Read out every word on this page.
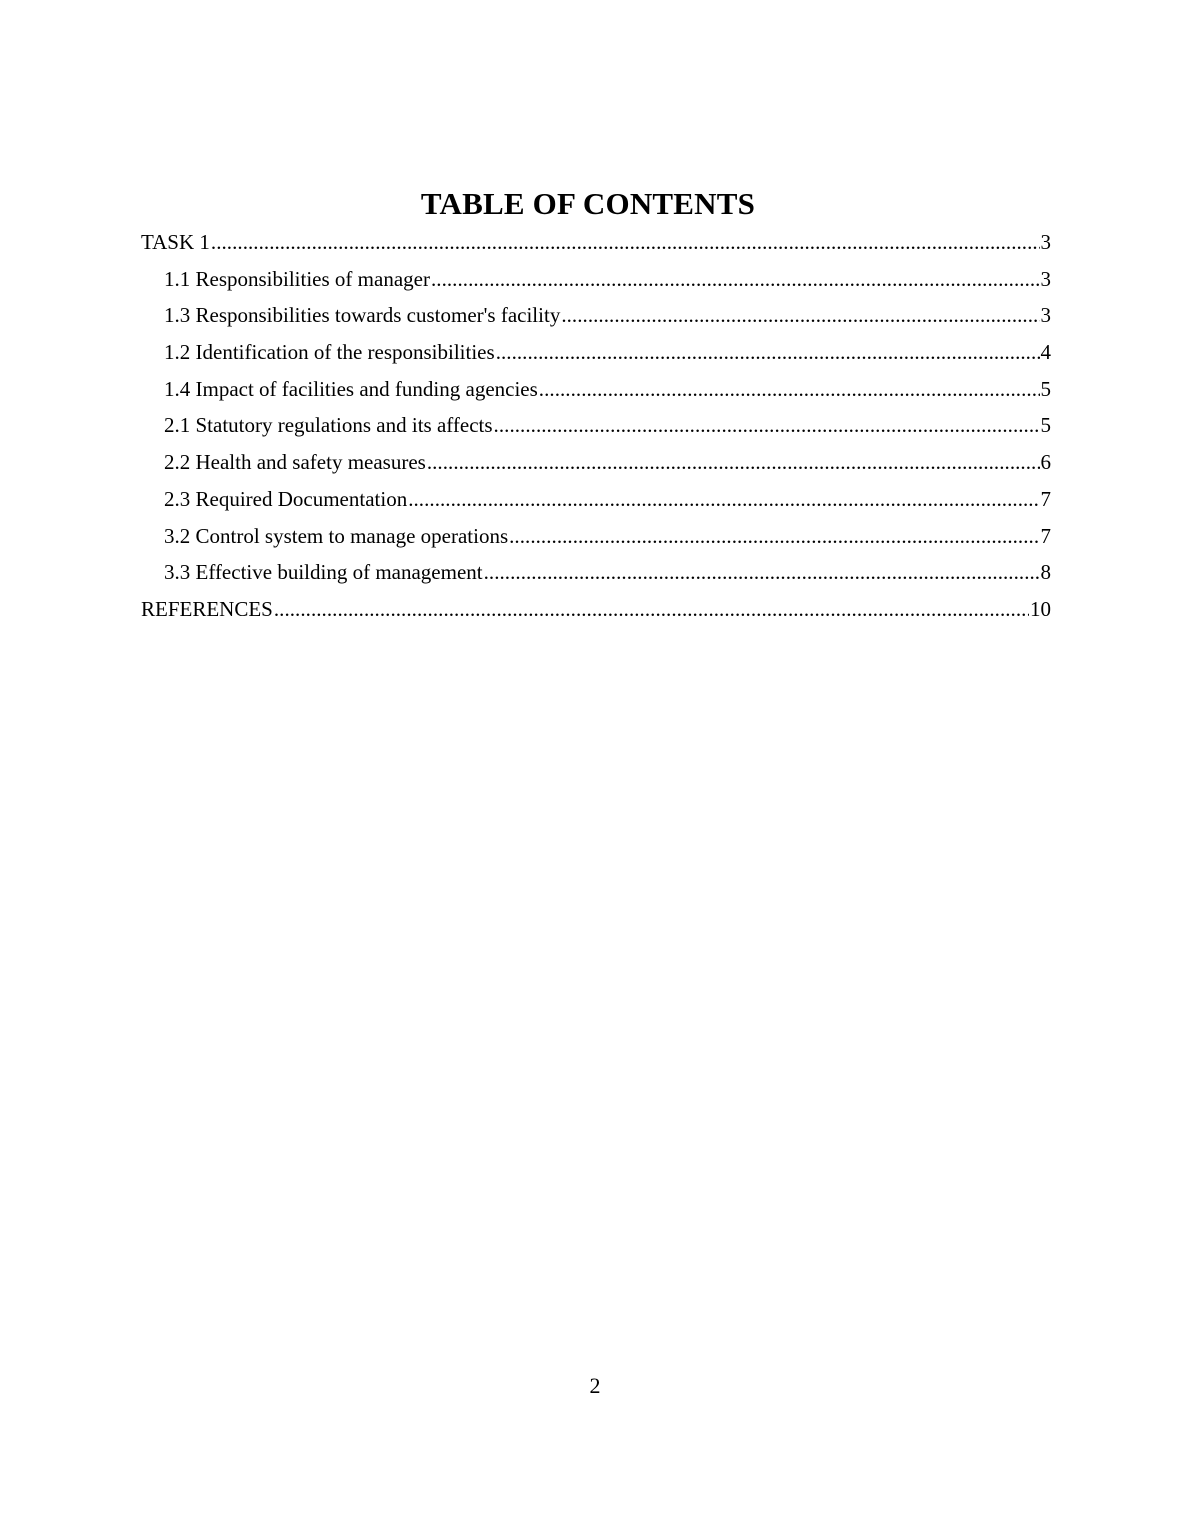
TABLE OF CONTENTS
TASK 1 .....	3
1.1 Responsibilities of manager .....	3
1.3 Responsibilities towards customer's facility .....	3
1.2 Identification of the responsibilities .....	4
1.4 Impact of facilities and funding agencies .....	5
2.1 Statutory regulations and its affects .....	5
2.2 Health and safety measures .....	6
2.3 Required Documentation .....	7
3.2 Control system to manage operations .....	7
3.3 Effective building of management .....	8
REFERENCES .....	10
2
